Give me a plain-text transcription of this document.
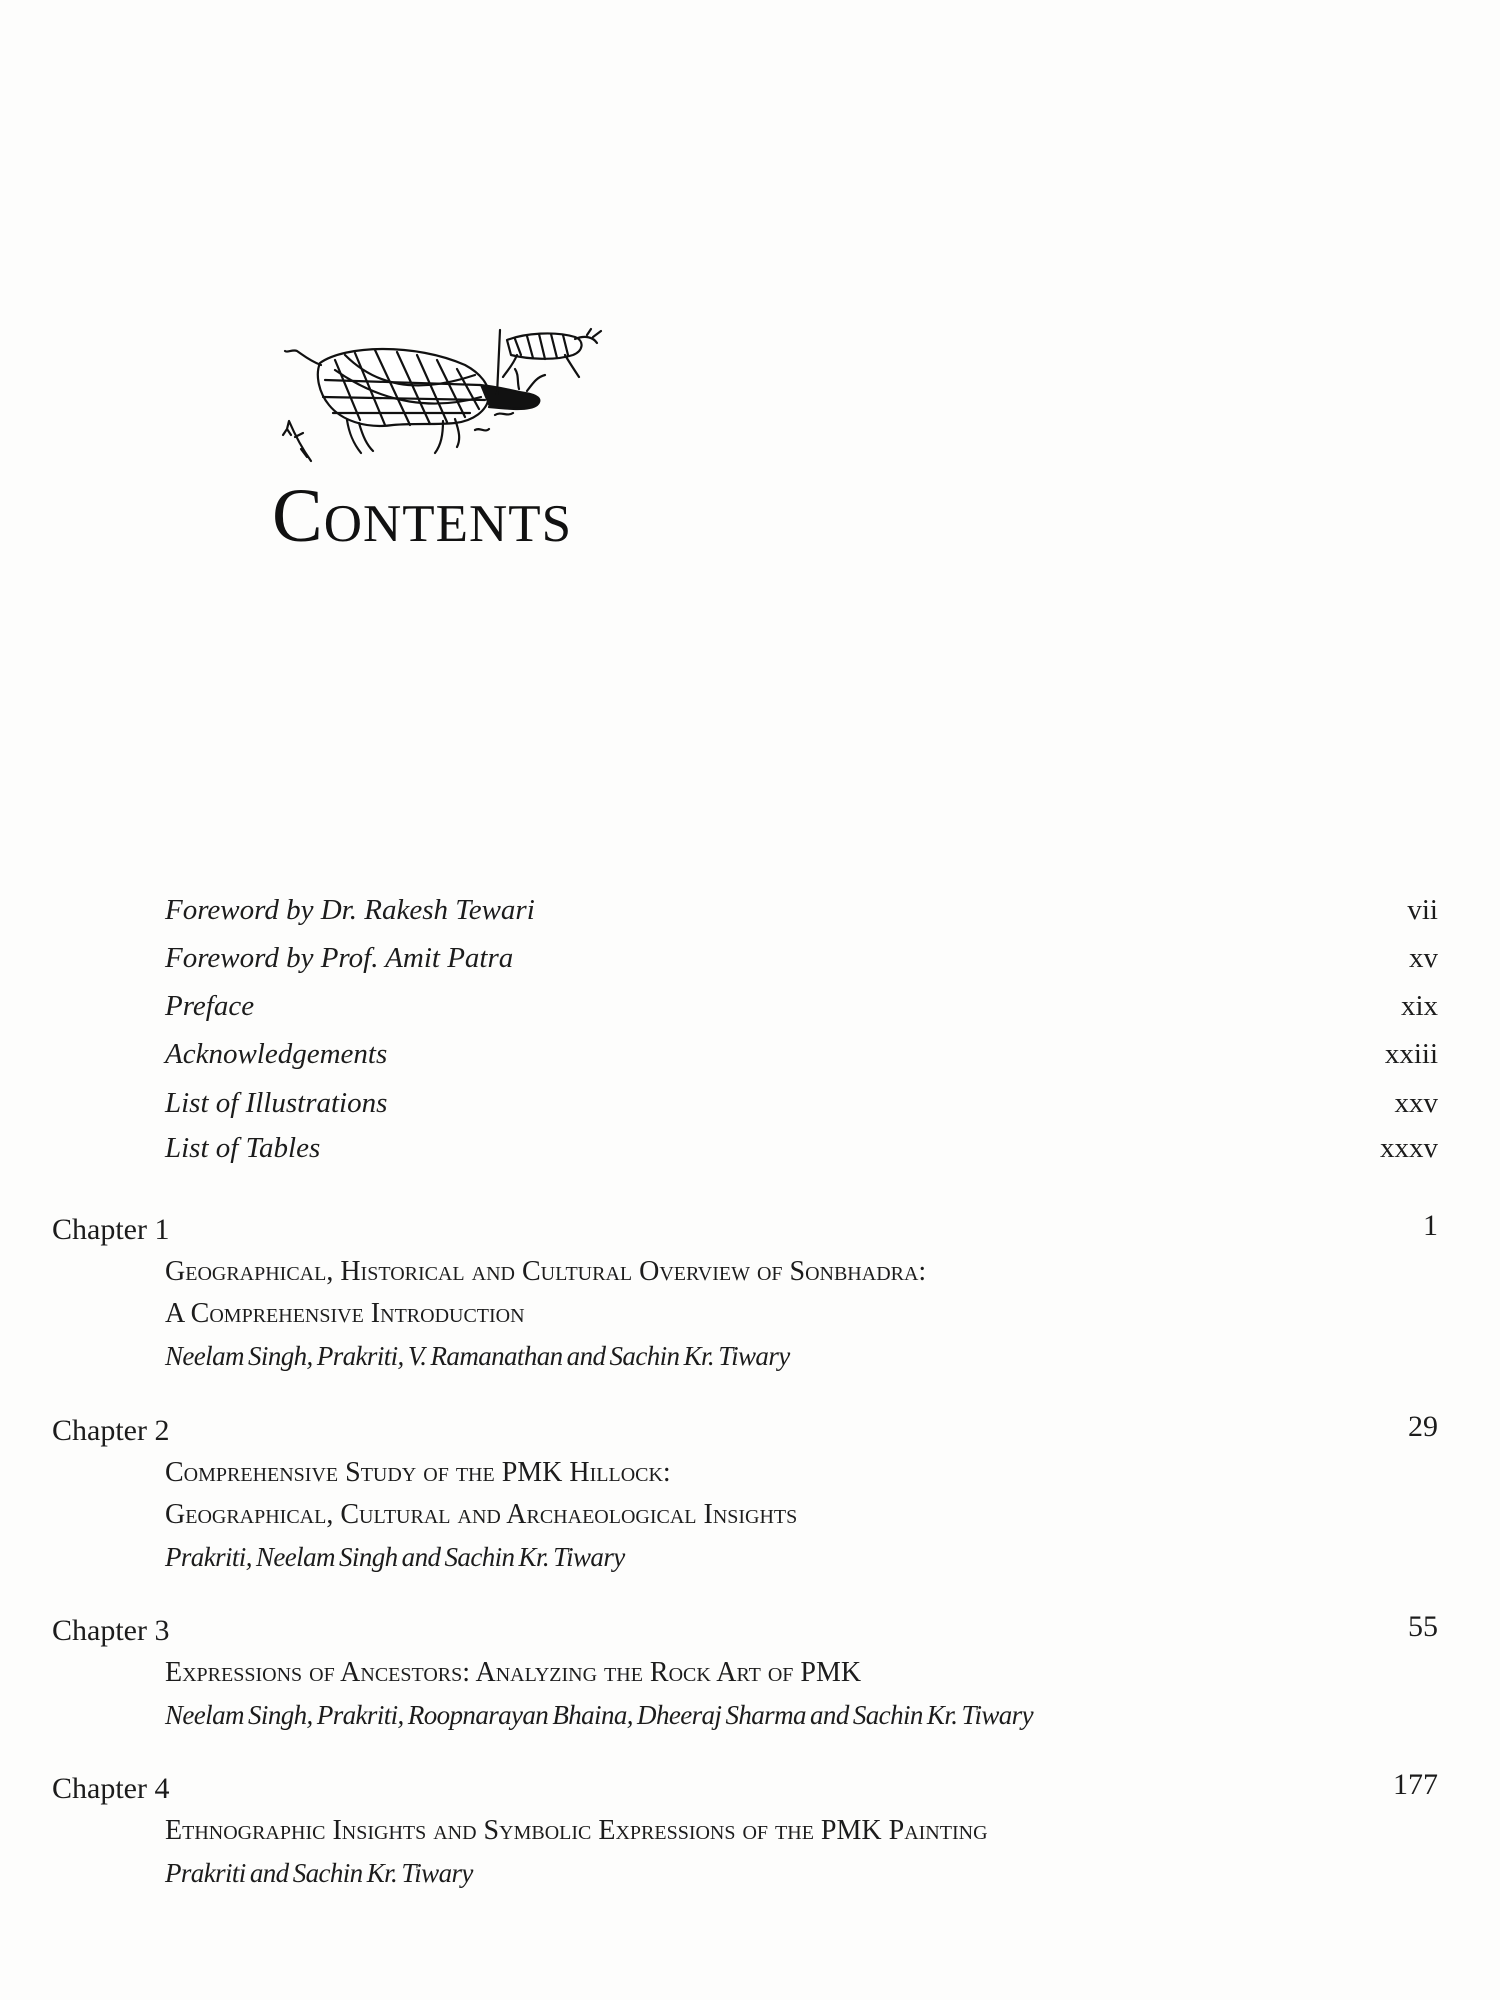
Contents
Foreword by Dr. Rakesh Tewari	vii
Foreword by Prof. Amit Patra	xv
Preface	xix
Acknowledgements	xxiii
List of Illustrations	xxv
List of Tables	xxxv
Chapter 1	1
Geographical, Historical and Cultural Overview of Sonbhadra:
A Comprehensive Introduction
Neelam Singh, Prakriti, V. Ramanathan and Sachin Kr. Tiwary
Chapter 2	29
Comprehensive Study of the PMK Hillock:
Geographical, Cultural and Archaeological Insights
Prakriti, Neelam Singh and Sachin Kr. Tiwary
Chapter 3	55
Expressions of Ancestors: Analyzing the Rock Art of PMK
Neelam Singh, Prakriti, Roopnarayan Bhaina, Dheeraj Sharma and Sachin Kr. Tiwary
Chapter 4	177
Ethnographic Insights and Symbolic Expressions of the PMK Painting
Prakriti and Sachin Kr. Tiwary
